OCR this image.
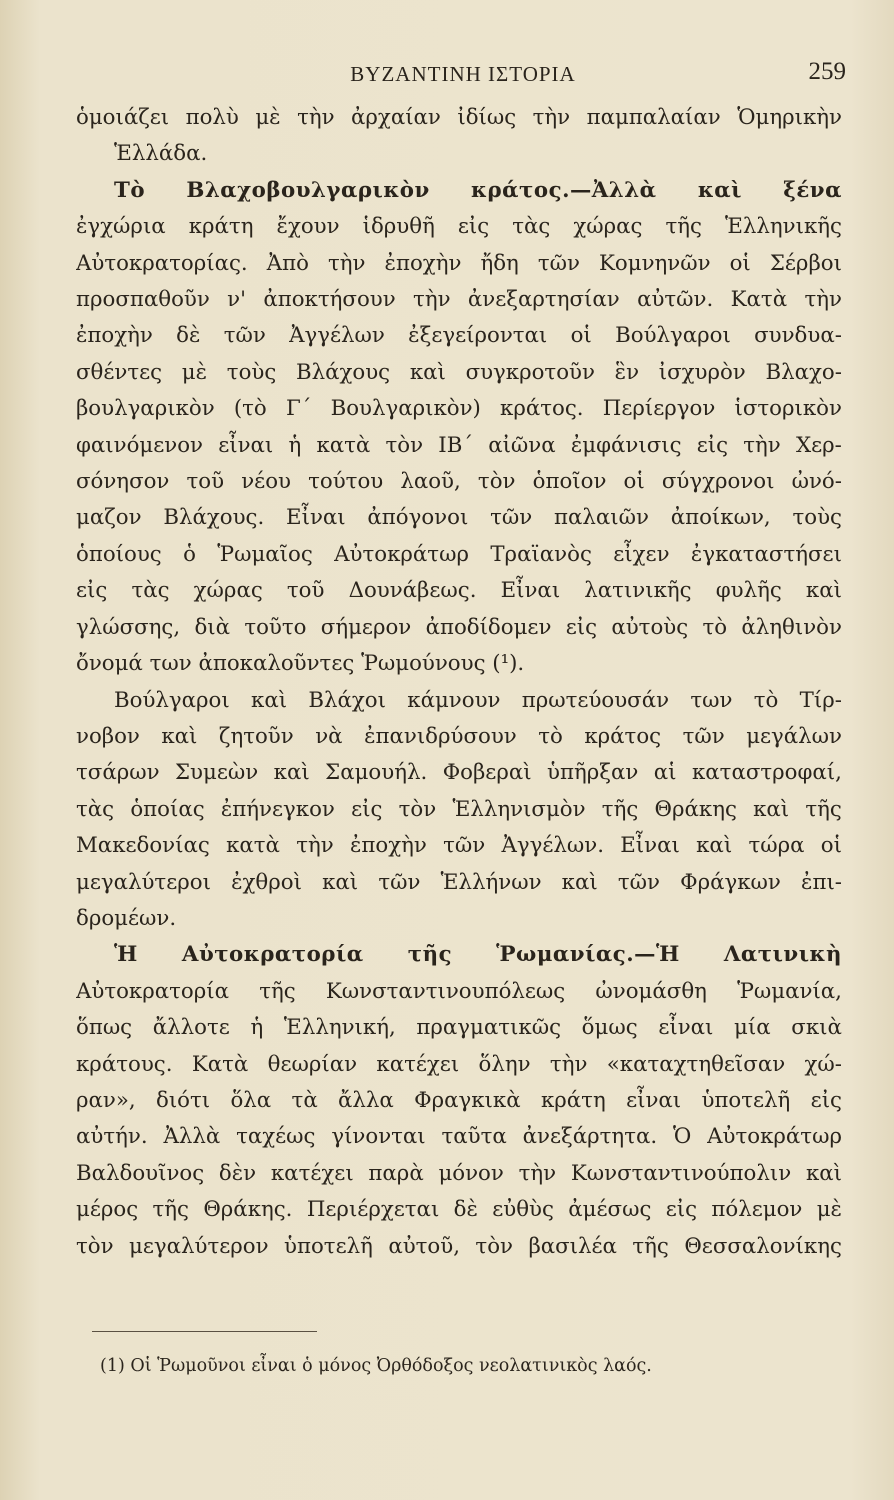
ΒΥΖΑΝΤΙΝΗ ΙΣΤΟΡΙΑ	259
ὁμοιάζει πολὺ μὲ τὴν ἀρχαίαν ἰδίως τὴν παμπαλαίαν Ὁμηρικὴν
Ἑλλάδα.
Τὸ Βλαχοβουλγαρικὸν κράτος.—Ἀλλὰ καὶ ξένα
ἐγχώρια κράτη ἔχουν ἱδρυθῆ εἰς τὰς χώρας τῆς Ἑλληνικῆς
Αὐτοκρατορίας. Ἀπὸ τὴν ἐποχὴν ἤδη τῶν Κομνηνῶν οἱ Σέρβοι
προσπαθοῦν ν' ἀποκτήσουν τὴν ἀνεξαρτησίαν αὐτῶν. Κατὰ τὴν
ἐποχὴν δὲ τῶν Ἀγγέλων ἐξεγείρονται οἱ Βούλγαροι συνδυα-
σθέντες μὲ τοὺς Βλάχους καὶ συγκροτοῦν ἓν ἰσχυρὸν Βλαχο-
βουλγαρικὸν (τὸ Γ΄ Βουλγαρικὸν) κράτος. Περίεργον ἱστορικὸν
φαινόμενον εἶναι ἡ κατὰ τὸν ΙΒ΄ αἰῶνα ἐμφάνισις εἰς τὴν Χερ-
σόνησον τοῦ νέου τούτου λαοῦ, τὸν ὁποῖον οἱ σύγχρονοι ὠνό-
μαζον Βλάχους. Εἶναι ἀπόγονοι τῶν παλαιῶν ἀποίκων, τοὺς
ὁποίους ὁ Ῥωμαῖος Αὐτοκράτωρ Τραϊανὸς εἶχεν ἐγκαταστήσει
εἰς τὰς χώρας τοῦ Δουνάβεως. Εἶναι λατινικῆς φυλῆς καὶ
γλώσσης, διὰ τοῦτο σήμερον ἀποδίδομεν εἰς αὐτοὺς τὸ ἀληθινὸν
ὄνομά των ἀποκαλοῦντες Ῥωμούνους (¹).
Βούλγαροι καὶ Βλάχοι κάμνουν πρωτεύουσάν των τὸ Τίρ-
νοβον καὶ ζητοῦν νὰ ἐπανιδρύσουν τὸ κράτος τῶν μεγάλων
τσάρων Συμεὼν καὶ Σαμουήλ. Φοβεραὶ ὑπῆρξαν αἱ καταστροφαί,
τὰς ὁποίας ἐπήνεγκον εἰς τὸν Ἑλληνισμὸν τῆς Θράκης καὶ τῆς
Μακεδονίας κατὰ τὴν ἐποχὴν τῶν Ἀγγέλων. Εἶναι καὶ τώρα οἱ
μεγαλύτεροι ἐχθροὶ καὶ τῶν Ἑλλήνων καὶ τῶν Φράγκων ἐπι-
δρομέων.
Ἡ Αὐτοκρατορία τῆς Ῥωμανίας.—Ἡ Λατινικὴ
Αὐτοκρατορία τῆς Κωνσταντινουπόλεως ὠνομάσθη Ῥωμανία,
ὅπως ἄλλοτε ἡ Ἑλληνική, πραγματικῶς ὅμως εἶναι μία σκιὰ
κράτους. Κατὰ θεωρίαν κατέχει ὅλην τὴν «καταχτηθεῖσαν χώ-
ραν», διότι ὅλα τὰ ἄλλα Φραγκικὰ κράτη εἶναι ὑποτελῆ εἰς
αὐτήν. Ἀλλὰ ταχέως γίνονται ταῦτα ἀνεξάρτητα. Ὁ Αὐτοκράτωρ
Βαλδουῖνος δὲν κατέχει παρὰ μόνον τὴν Κωνσταντινούπολιν καὶ
μέρος τῆς Θράκης. Περιέρχεται δὲ εὐθὺς ἀμέσως εἰς πόλεμον μὲ
τὸν μεγαλύτερον ὑποτελῆ αὐτοῦ, τὸν βασιλέα τῆς Θεσσαλονίκης
(1) Οἱ Ῥωμοῦνοι εἶναι ὁ μόνος Ὀρθόδοξος νεολατινικὸς λαός.
